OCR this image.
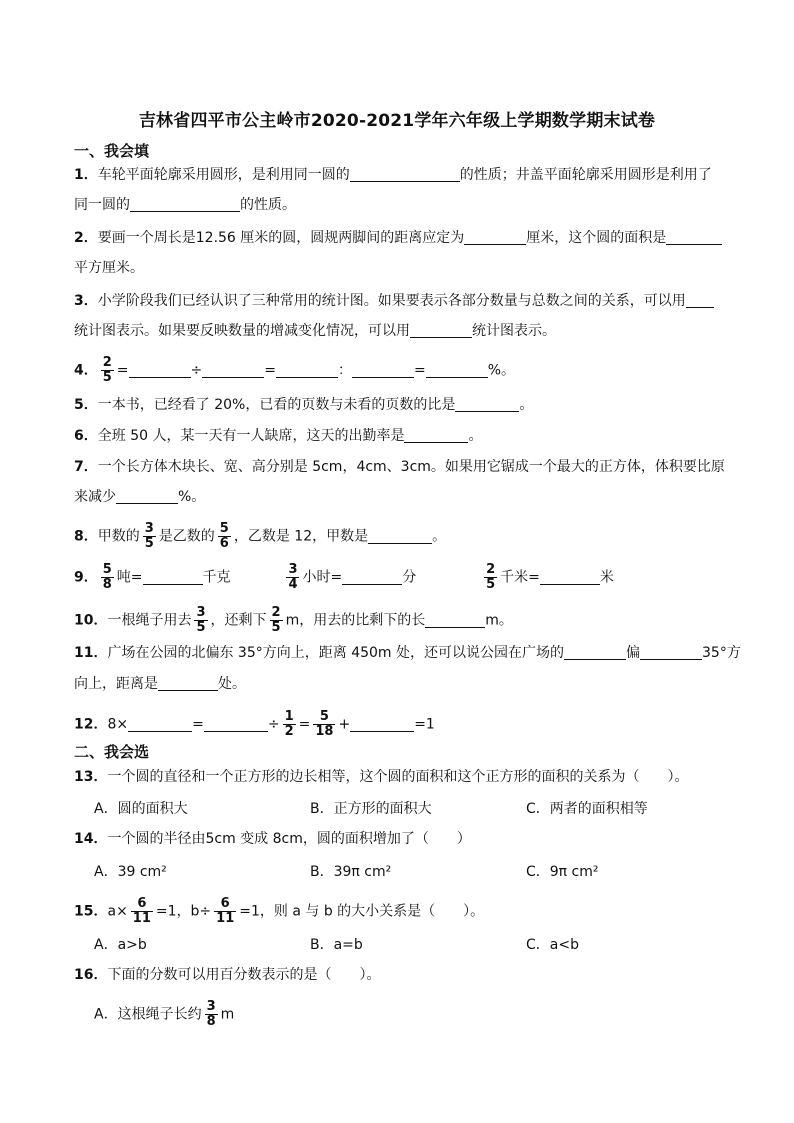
吉林省四平市公主岭市2020-2021学年六年级上学期数学期末试卷
一、我会填
1．车轮平面轮廓采用圆形，是利用同一圆的	的性质；井盖平面轮廓采用圆形是利用了
同一圆的	的性质。
2．要画一个周长是12.56 厘米的圆，圆规两脚间的距离应定为	厘米，这个圆的面积是
平方厘米。
3．小学阶段我们已经认识了三种常用的统计图。如果要表示各部分数量与总数之间的关系，可以用
统计图表示。如果要反映数量的增减变化情况，可以用	统计图表示。
4． $\frac{2}{5}$ =	÷	=	：	=	%。
5．一本书，已经看了 20%，已看的页数与未看的页数的比是	。
6．全班 50 人，某一天有一人缺席，这天的出勤率是	。
7．一个长方体木块长、宽、高分别是 5cm，4cm、3cm。如果用它锯成一个最大的正方体，体积要比原
来减少	%。
8．甲数的 $\frac{3}{5}$ 是乙数的 $\frac{5}{6}$ ，乙数是 12，甲数是	。
9． $\frac{5}{8}$ 吨=	千克	$\frac{3}{4}$ 小时=	分	$\frac{2}{5}$ 千米=	米
10．一根绳子用去 $\frac{3}{5}$ ，还剩下 $\frac{2}{5}$ m，用去的比剩下的长	m。
11．广场在公园的北偏东 35°方向上，距离 450m 处，还可以说公园在广场的	偏	35°方
向上，距离是	处。
12．8×	=	÷ $\frac{1}{2} = \frac{5}{18}$ +	=1
二、我会选
13．一个圆的直径和一个正方形的边长相等，这个圆的面积和这个正方形的面积的关系为（　　）。
A．圆的面积大	B．正方形的面积大	C．两者的面积相等
14．一个圆的半径由5cm 变成 8cm，圆的面积增加了（　　）
A．39 cm²	B．39π cm²	C．9π cm²
15．$a\times \frac{6}{11} =1$，$b\div \frac{6}{11} =1$，则 a 与 b 的大小关系是（　　）。
A．a>b	B．a=b	C．a<b
16．下面的分数可以用百分数表示的是（　　）。
A．这根绳子长约 $\frac{3}{8}$ m
